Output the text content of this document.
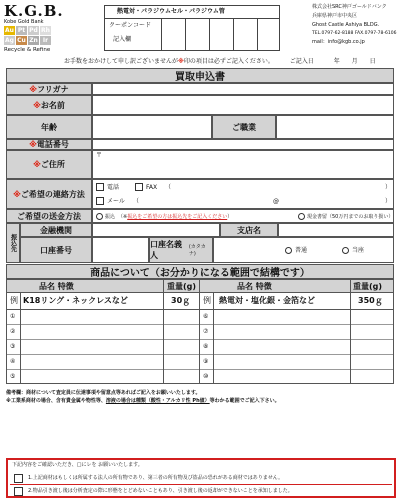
K.G.B.
Kobe Gold Bank
Au Pt Pd Rh
Ag Cu Zn Ir
Recycle & Refine
熱電対・パラジウムセル・パラジウム管
クーポンコード
記入欄
株式会社SRC神戸ゴールドバンク
兵庫県神戸市中央区
Ghost Castle Ashiya BLDG.
TEL.0797-62-8188 FAX.0797-78-6106
mail：info@kgb.co.jp
お手数をおかけして申し訳ございませんが※印の項目は必ずご記入ください。	ご記入日	年 月 日
買取申込書
※ フリガナ
※ お名前
年齢	ご職業
※ 電話番号
※ ご住所
〒
※ ご希望の連絡方法
電話	FAX （	）
メール （	@	）
ご希望の送金方法	振込 （※振込をご希望の方は振込先をご記入ください）	現金書留 （50万円までのお取り扱い）
振込先
金融機関	支店名
口座番号
口座名義人
(カタカナ)	普通	当座
商品について（お分かりになる範囲で結構です）
品名 特徴	重量(g)	品名 特徴	重量(g)
例 K18リング・ネックレスなど	30ｇ 例 熱電対・塩化銀・金箔など	350ｇ
①
②
③
④
⑤
⑥
⑦
⑧
⑨
⑩
備考欄：商材について査定員に伝達事項や留意点等あればご記入をお願いいたします。
※工業系商材の場合、含有貴金属や物性等、溶液の場合は種類（酸性・アルカリ性 Ph値）等わかる範囲でご記入下さい。
下記内容をご確認いただき、□にレを お願いいたします。
1.上記商材はもしくは所属する法人の所有物であり、第三者の所有物及び盗品の恐れがある商材ではありません。
2.物品引き渡し後は分析査定の際に形態をとどめないこともあり、引き渡し後の返却ができないことを承知しました。
